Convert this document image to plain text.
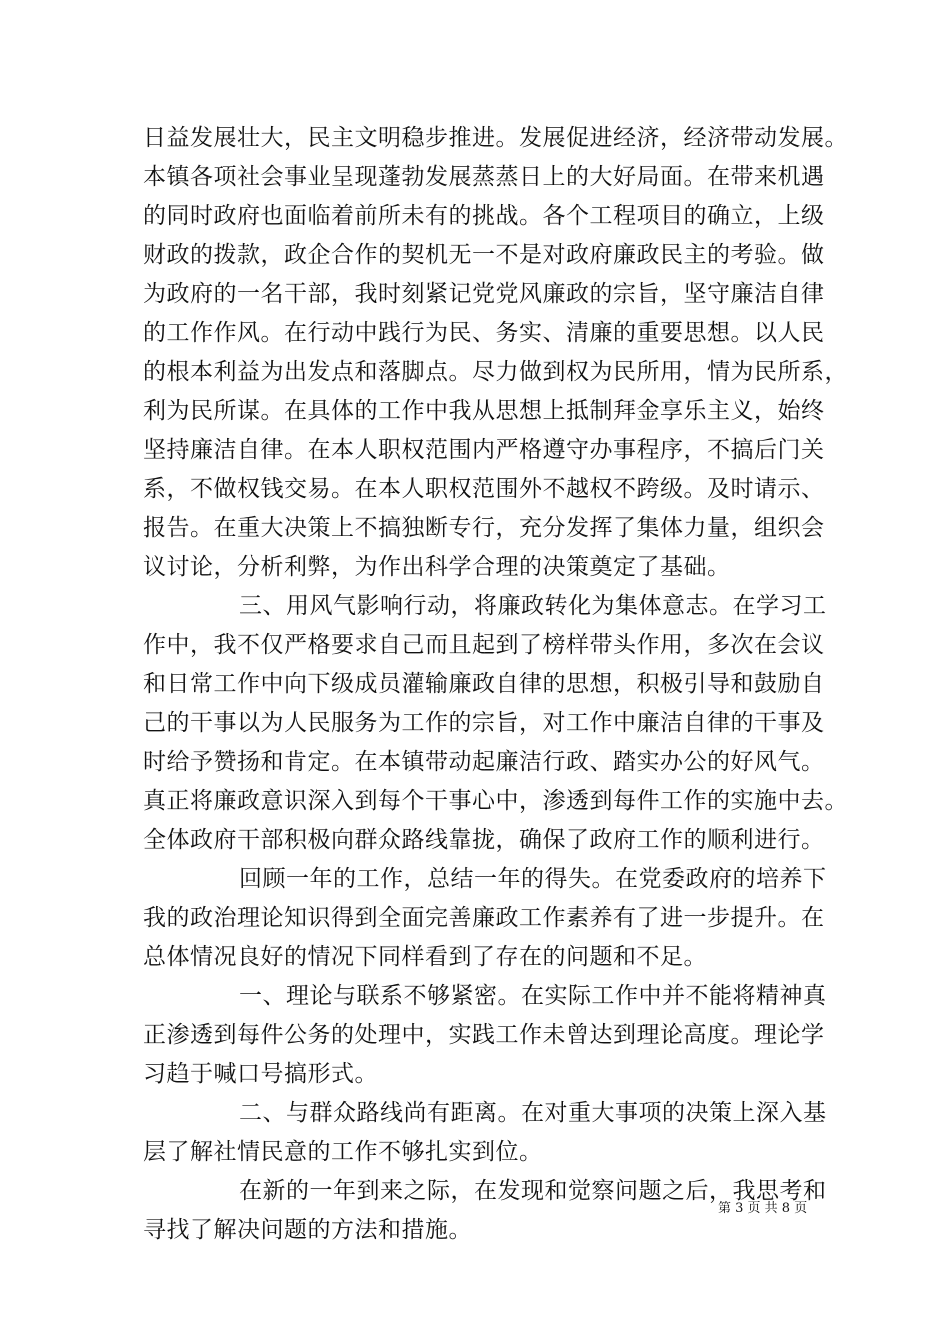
日益发展壮大，民主文明稳步推进。发展促进经济，经济带动发展。
本镇各项社会事业呈现蓬勃发展蒸蒸日上的大好局面。在带来机遇
的同时政府也面临着前所未有的挑战。各个工程项目的确立，上级
财政的拨款，政企合作的契机无一不是对政府廉政民主的考验。做
为政府的一名干部，我时刻紧记党党风廉政的宗旨，坚守廉洁自律
的工作作风。在行动中践行为民、务实、清廉的重要思想。以人民
的根本利益为出发点和落脚点。尽力做到权为民所用，情为民所系，
利为民所谋。在具体的工作中我从思想上抵制拜金享乐主义，始终
坚持廉洁自律。在本人职权范围内严格遵守办事程序，不搞后门关
系，不做权钱交易。在本人职权范围外不越权不跨级。及时请示、
报告。在重大决策上不搞独断专行，充分发挥了集体力量，组织会
议讨论，分析利弊，为作出科学合理的决策奠定了基础。
三、用风气影响行动，将廉政转化为集体意志。在学习工
作中，我不仅严格要求自己而且起到了榜样带头作用，多次在会议
和日常工作中向下级成员灌输廉政自律的思想，积极引导和鼓励自
己的干事以为人民服务为工作的宗旨，对工作中廉洁自律的干事及
时给予赞扬和肯定。在本镇带动起廉洁行政、踏实办公的好风气。
真正将廉政意识深入到每个干事心中，渗透到每件工作的实施中去。
全体政府干部积极向群众路线靠拢，确保了政府工作的顺利进行。
回顾一年的工作，总结一年的得失。在党委政府的培养下
我的政治理论知识得到全面完善廉政工作素养有了进一步提升。在
总体情况良好的情况下同样看到了存在的问题和不足。
一、理论与联系不够紧密。在实际工作中并不能将精神真
正渗透到每件公务的处理中，实践工作未曾达到理论高度。理论学
习趋于喊口号搞形式。
二、与群众路线尚有距离。在对重大事项的决策上深入基
层了解社情民意的工作不够扎实到位。
在新的一年到来之际，在发现和觉察问题之后，我思考和
寻找了解决问题的方法和措施。
第 3 页 共 8 页
